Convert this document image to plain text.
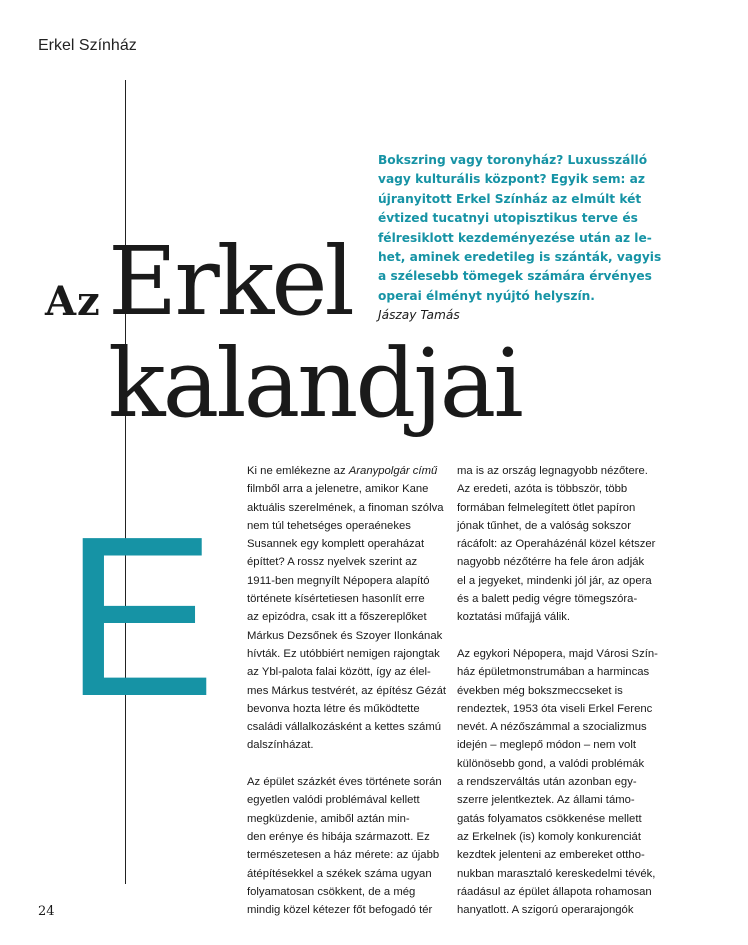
Erkel Színház

E

Az Erkel
kalandjai
Bokszring vagy toronyház? Luxusszálló
vagy kulturális központ? Egyik sem: az
újranyitott Erkel Színház az elmúlt két
évtized tucatnyi utopisztikus terve és
félresiklott kezdeményezése után az le-
het, aminek eredetileg is szánták, vagyis
a szélesebb tömegek számára érvényes
operai élményt nyújtó helyszín.
Jászay Tamás
Ki ne emlékezne az Aranypolgár című
filmből arra a jelenetre, amikor Kane
aktuális szerelmének, a finoman szólva
nem túl tehetséges operaénekes
Susannek egy komplett operaházat
építtet? A rossz nyelvek szerint az
1911-ben megnyílt Népopera alapító
története kísértetiesen hasonlít erre
az epizódra, csak itt a főszereplőket
Márkus Dezsőnek és Szoyer Ilonkának
hívták. Ez utóbbiért nemigen rajongtak
az Ybl-palota falai között, így az élel-
mes Márkus testvérét, az építész Gézát
bevonva hozta létre és működtette
családi vállalkozásként a kettes számú
dalszínházat.
Az épület százkét éves története során
egyetlen valódi problémával kellett
megküzdenie, amiből aztán min-
den erénye és hibája származott. Ez
természetesen a ház mérete: az újabb
átépítésekkel a székek száma ugyan
folyamatosan csökkent, de a még
mindig közel kétezer főt befogadó tér
ma is az ország legnagyobb nézőtere.
Az eredeti, azóta is többször, több
formában felmelegített ötlet papíron
jónak tűnhet, de a valóság sokszor
rácáfolt: az Operaházénál közel kétszer
nagyobb nézőtérre ha fele áron adják
el a jegyeket, mindenki jól jár, az opera
és a balett pedig végre tömegszóra-
koztatási műfajjá válik.
Az egykori Népopera, majd Városi Szín-
ház épületmonstrumában a harmincas
években még bokszmeccseket is
rendeztek, 1953 óta viseli Erkel Ferenc
nevét. A nézőszámmal a szocializmus
idején – meglepő módon – nem volt
különösebb gond, a valódi problémák
a rendszerváltás után azonban egy-
szerre jelentkeztek. Az állami támo-
gatás folyamatos csökkenése mellett
az Erkelnek (is) komoly konkurenciát
kezdtek jelenteni az embereket ottho-
nukban marasztaló kereskedelmi tévék,
ráadásul az épület állapota rohamosan
hanyatlott. A szigorú operarajongók
24
